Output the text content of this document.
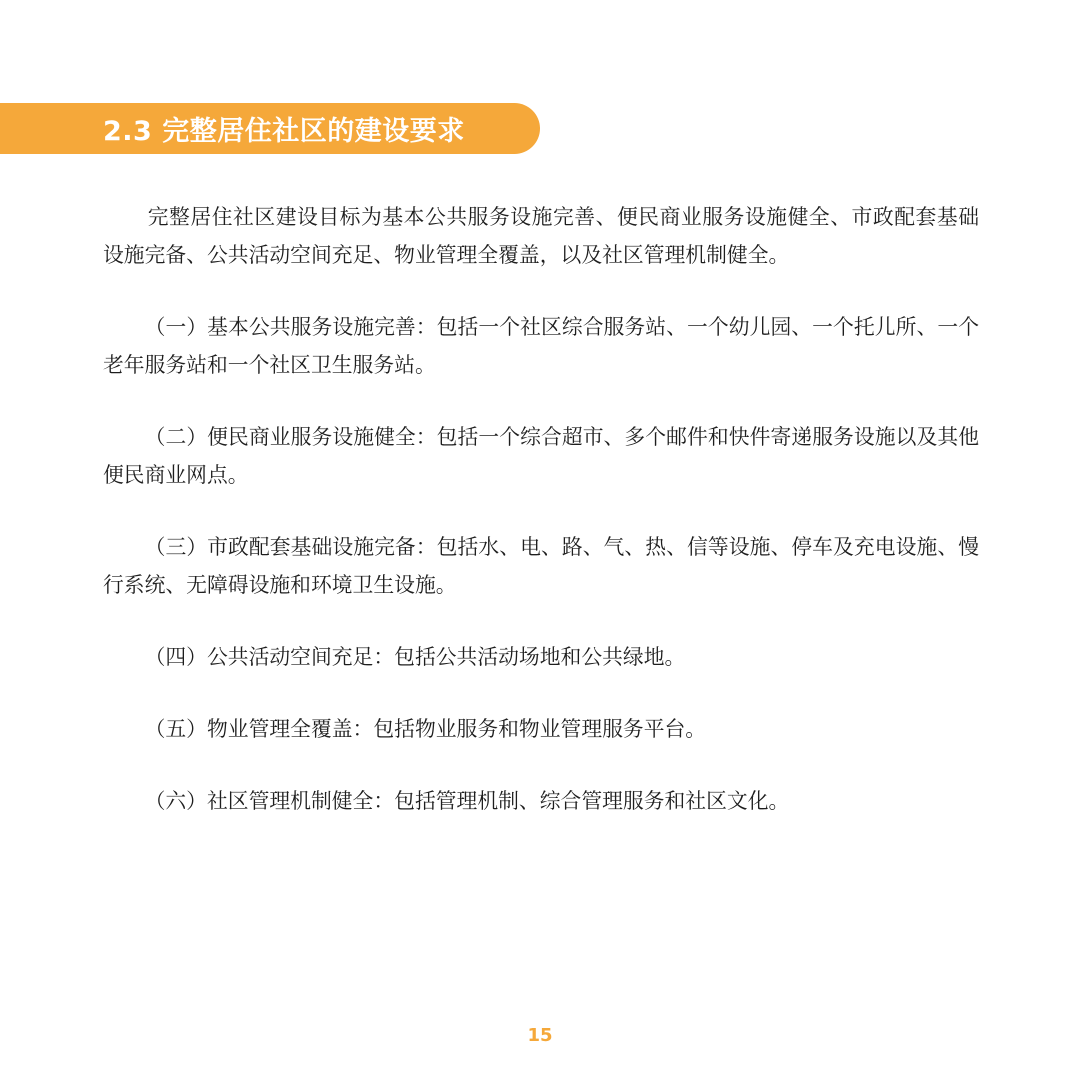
2.3 完整居住社区的建设要求

完整居住社区建设目标为基本公共服务设施完善、便民商业服务设施健全、市政配套基础设施完备、公共活动空间充足、物业管理全覆盖，以及社区管理机制健全。

（一）基本公共服务设施完善：包括一个社区综合服务站、一个幼儿园、一个托儿所、一个老年服务站和一个社区卫生服务站。

（二）便民商业服务设施健全：包括一个综合超市、多个邮件和快件寄递服务设施以及其他便民商业网点。

（三）市政配套基础设施完备：包括水、电、路、气、热、信等设施、停车及充电设施、慢行系统、无障碍设施和环境卫生设施。

（四）公共活动空间充足：包括公共活动场地和公共绿地。

（五）物业管理全覆盖：包括物业服务和物业管理服务平台。

（六）社区管理机制健全：包括管理机制、综合管理服务和社区文化。

15
